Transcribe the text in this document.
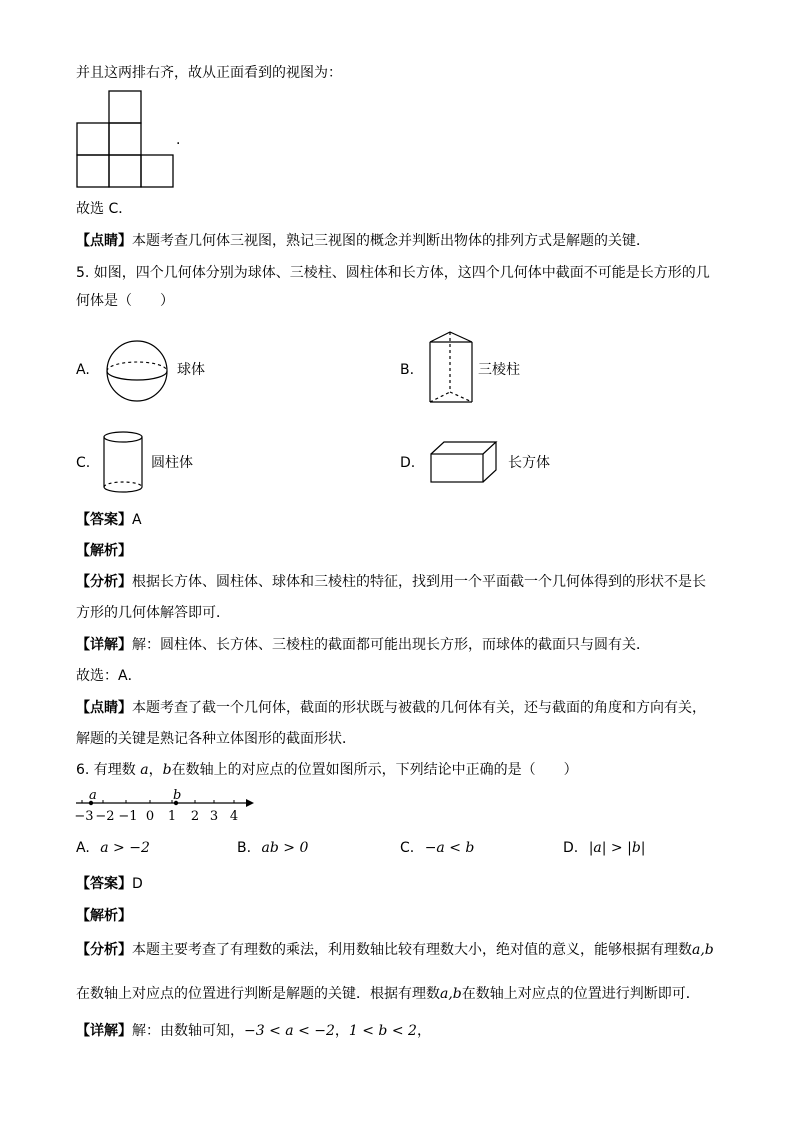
并且这两排右齐，故从正面看到的视图为：
.
故选 C．
【点睛】本题考查几何体三视图，熟记三视图的概念并判断出物体的排列方式是解题的关键．
5. 如图，四个几何体分别为球体、三棱柱、圆柱体和长方体，这四个几何体中截面不可能是长方形的几
何体是（　　）
A.	球体	B.	三棱柱
C.	圆柱体	D.	长方体
【答案】A
【解析】
【分析】根据长方体、圆柱体、球体和三棱柱的特征，找到用一个平面截一个几何体得到的形状不是长
方形的几何体解答即可．
【详解】解：圆柱体、长方体、三棱柱的截面都可能出现长方形，而球体的截面只与圆有关．
故选：A．
【点睛】本题考查了截一个几何体，截面的形状既与被截的几何体有关，还与截面的角度和方向有关，
解题的关键是熟记各种立体图形的截面形状．
6. 有理数 a，b在数轴上的对应点的位置如图所示，下列结论中正确的是（　　）
a	b
−3 −2 −1 0 1 2 3 4
A. a > −2	B. ab > 0	C. −a < b	D. |a| > |b|
【答案】D
【解析】
【分析】本题主要考查了有理数的乘法，利用数轴比较有理数大小，绝对值的意义，能够根据有理数a,b
在数轴上对应点的位置进行判断是解题的关键．根据有理数a,b在数轴上对应点的位置进行判断即可．
【详解】解：由数轴可知，−3 < a < −2，1 < b < 2，
